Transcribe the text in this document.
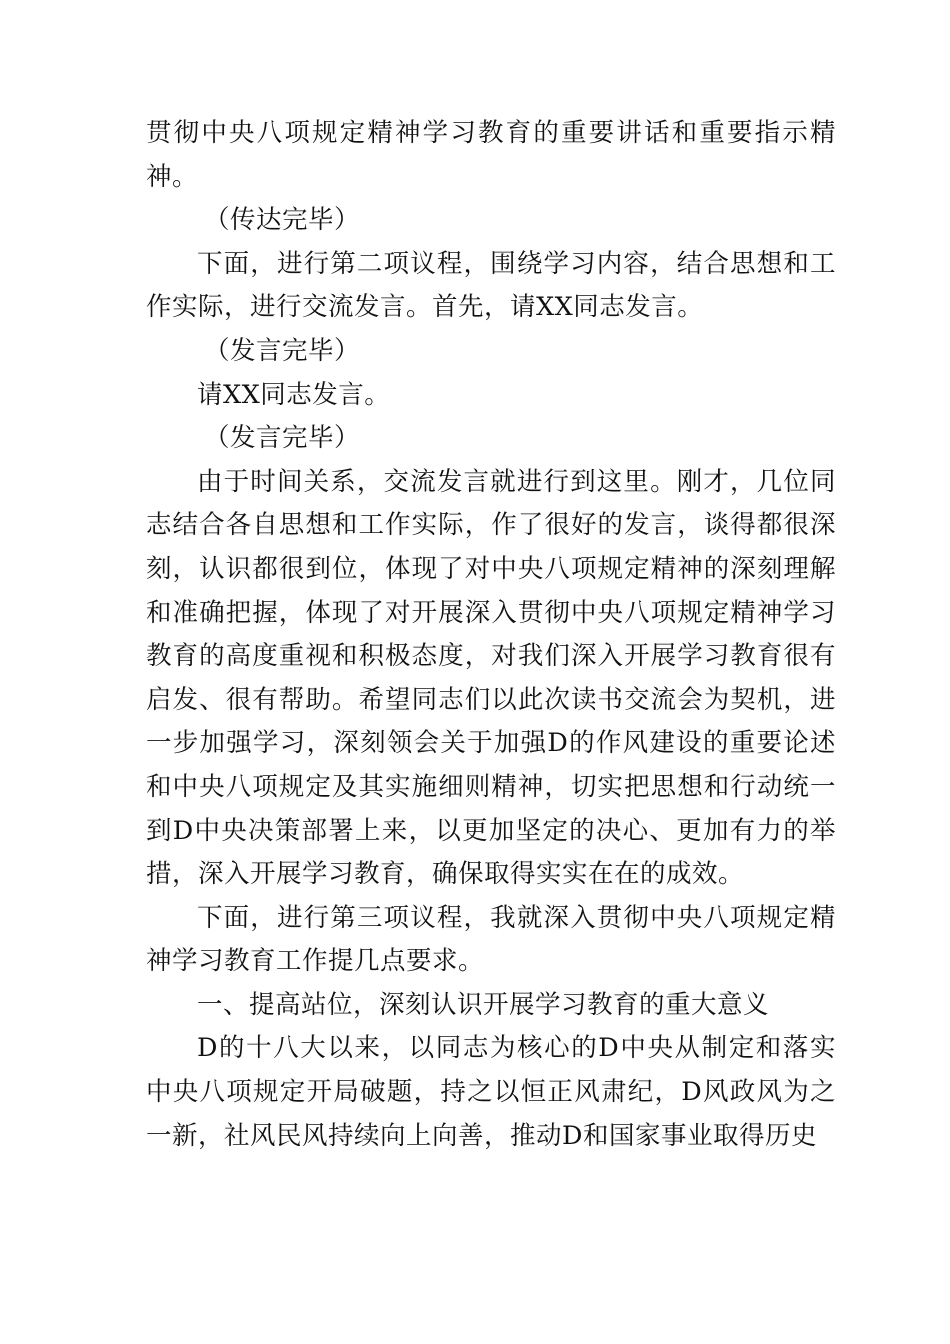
贯彻中央八项规定精神学习教育的重要讲话和重要指示精神。

（传达完毕）

下面，进行第二项议程，围绕学习内容，结合思想和工作实际，进行交流发言。首先，请XX同志发言。

（发言完毕）

请XX同志发言。

（发言完毕）

由于时间关系，交流发言就进行到这里。刚才，几位同志结合各自思想和工作实际，作了很好的发言，谈得都很深刻，认识都很到位，体现了对中央八项规定精神的深刻理解和准确把握，体现了对开展深入贯彻中央八项规定精神学习教育的高度重视和积极态度，对我们深入开展学习教育很有启发、很有帮助。希望同志们以此次读书交流会为契机，进一步加强学习，深刻领会关于加强D的作风建设的重要论述和中央八项规定及其实施细则精神，切实把思想和行动统一到D中央决策部署上来，以更加坚定的决心、更加有力的举措，深入开展学习教育，确保取得实实在在的成效。

下面，进行第三项议程，我就深入贯彻中央八项规定精神学习教育工作提几点要求。

一、提高站位，深刻认识开展学习教育的重大意义

D的十八大以来，以同志为核心的D中央从制定和落实中央八项规定开局破题，持之以恒正风肃纪，D风政风为之一新，社风民风持续向上向善，推动D和国家事业取得历史
